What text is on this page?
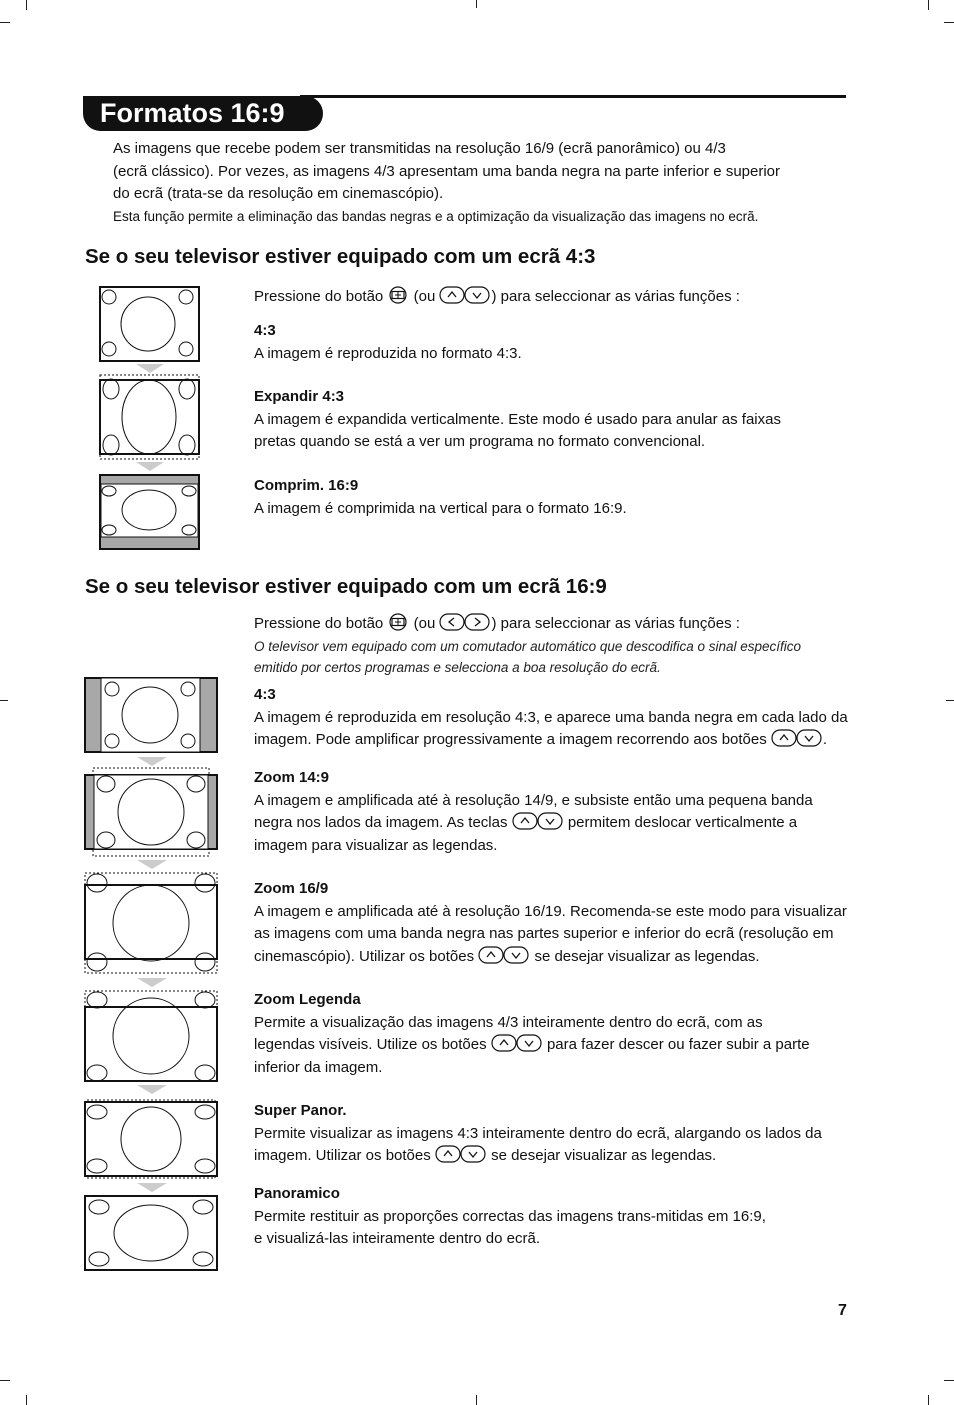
Formatos 16:9
As imagens que recebe podem ser transmitidas na resolução 16/9 (ecrã panorâmico) ou 4/3
(ecrã clássico). Por vezes, as imagens 4/3 apresentam uma banda negra na parte inferior e superior
do ecrã (trata-se da resolução em cinemascópio).
Esta função permite a eliminação das bandas negras e a optimização da visualização das imagens no ecrã.
Se o seu televisor estiver equipado com um ecrã 4:3
Pressione do botão (ou	) para seleccionar as várias funções :
4:3
A imagem é reproduzida no formato 4:3.
Expandir 4:3
A imagem é expandida verticalmente. Este modo é usado para anular as faixas
pretas quando se está a ver um programa no formato convencional.
Comprim. 16:9
A imagem é comprimida na vertical para o formato 16:9.
Se o seu televisor estiver equipado com um ecrã 16:9
Pressione do botão (ou	) para seleccionar as várias funções :
O televisor vem equipado com um comutador automático que descodifica o sinal específico
emitido por certos programas e selecciona a boa resolução do ecrã.
4:3
A imagem é reproduzida em resolução 4:3, e aparece uma banda negra em cada lado da
imagem. Pode amplificar progressivamente a imagem recorrendo aos botões	.
Zoom 14:9
A imagem e amplificada até à resolução 14/9, e subsiste então uma pequena banda
negra nos lados da imagem. As teclas	permitem deslocar verticalmente a
imagem para visualizar as legendas.
Zoom 16/9
A imagem e amplificada até à resolução 16/19. Recomenda-se este modo para visualizar
as imagens com uma banda negra nas partes superior e inferior do ecrã (resolução em
cinemascópio). Utilizar os botões	se desejar visualizar as legendas.
Zoom Legenda
Permite a visualização das imagens 4/3 inteiramente dentro do ecrã, com as
legendas visíveis. Utilize os botões	para fazer descer ou fazer subir a parte
inferior da imagem.
Super Panor.
Permite visualizar as imagens 4:3 inteiramente dentro do ecrã, alargando os lados da
imagem. Utilizar os botões	se desejar visualizar as legendas.
Panoramico
Permite restituir as proporções correctas das imagens trans-mitidas em 16:9,
e visualizá-las inteiramente dentro do ecrã.
7
